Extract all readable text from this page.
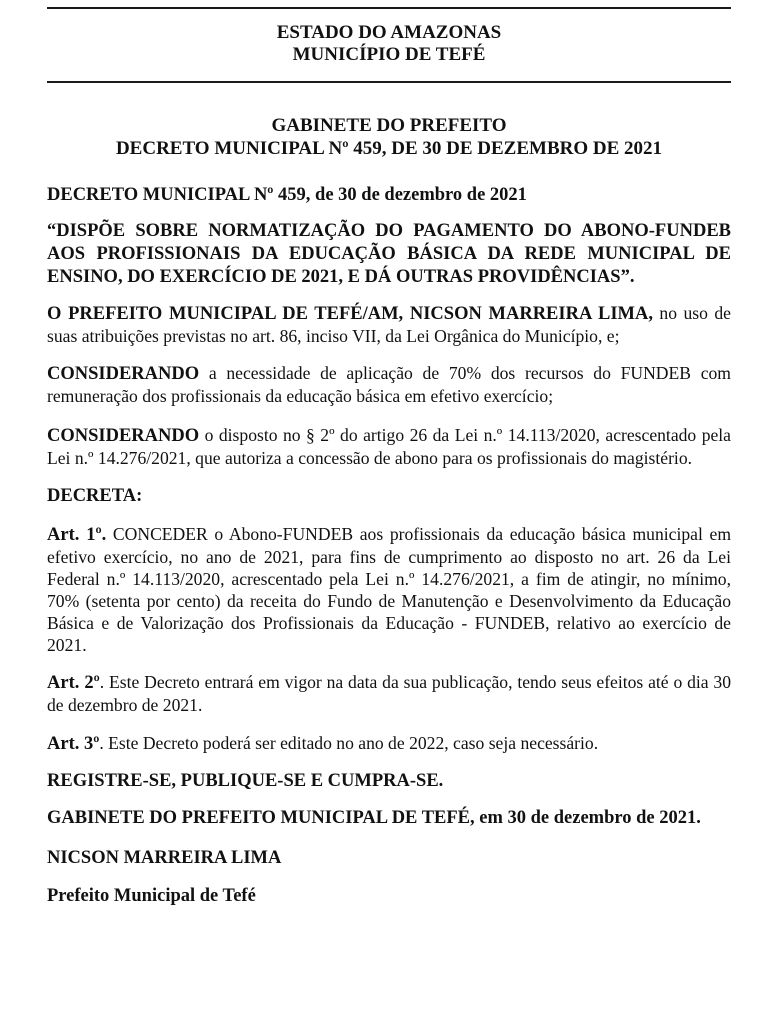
ESTADO DO AMAZONAS
MUNICÍPIO DE TEFÉ
GABINETE DO PREFEITO
DECRETO MUNICIPAL Nº 459, DE 30 DE DEZEMBRO DE 2021

DECRETO MUNICIPAL Nº 459, de 30 de dezembro de 2021

“DISPÕE SOBRE NORMATIZAÇÃO DO PAGAMENTO DO ABONO-FUNDEB AOS PROFISSIONAIS DA EDUCAÇÃO BÁSICA DA REDE MUNICIPAL DE ENSINO, DO EXERCÍCIO DE 2021, E DÁ OUTRAS PROVIDÊNCIAS”.

O PREFEITO MUNICIPAL DE TEFÉ/AM, NICSON MARREIRA LIMA, no uso de suas atribuições previstas no art. 86, inciso VII, da Lei Orgânica do Município, e;

CONSIDERANDO a necessidade de aplicação de 70% dos recursos do FUNDEB com remuneração dos profissionais da educação básica em efetivo exercício;

CONSIDERANDO o disposto no § 2º do artigo 26 da Lei n.º 14.113/2020, acrescentado pela Lei n.º 14.276/2021, que autoriza a concessão de abono para os profissionais do magistério.

DECRETA:

Art. 1º. CONCEDER o Abono-FUNDEB aos profissionais da educação básica municipal em efetivo exercício, no ano de 2021, para fins de cumprimento ao disposto no art. 26 da Lei Federal n.º 14.113/2020, acrescentado pela Lei n.º 14.276/2021, a fim de atingir, no mínimo, 70% (setenta por cento) da receita do Fundo de Manutenção e Desenvolvimento da Educação Básica e de Valorização dos Profissionais da Educação - FUNDEB, relativo ao exercício de 2021.

Art. 2º. Este Decreto entrará em vigor na data da sua publicação, tendo seus efeitos até o dia 30 de dezembro de 2021.

Art. 3º. Este Decreto poderá ser editado no ano de 2022, caso seja necessário.

REGISTRE-SE, PUBLIQUE-SE E CUMPRA-SE.

GABINETE DO PREFEITO MUNICIPAL DE TEFÉ, em 30 de dezembro de 2021.

NICSON MARREIRA LIMA

Prefeito Municipal de Tefé
